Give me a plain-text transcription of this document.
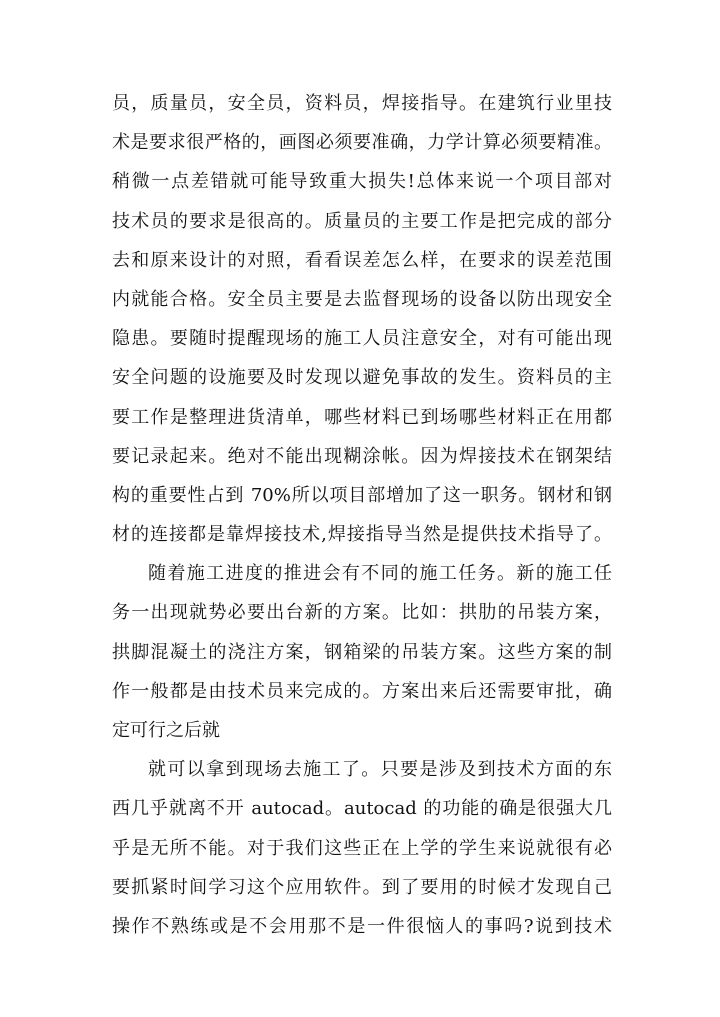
员，质量员，安全员，资料员，焊接指导。在建筑行业里技
术是要求很严格的，画图必须要准确，力学计算必须要精准。
稍微一点差错就可能导致重大损失!总体来说一个项目部对
技术员的要求是很高的。质量员的主要工作是把完成的部分
去和原来设计的对照，看看误差怎么样，在要求的误差范围
内就能合格。安全员主要是去监督现场的设备以防出现安全
隐患。要随时提醒现场的施工人员注意安全，对有可能出现
安全问题的设施要及时发现以避免事故的发生。资料员的主
要工作是整理进货清单，哪些材料已到场哪些材料正在用都
要记录起来。绝对不能出现糊涂帐。因为焊接技术在钢架结
构的重要性占到 70%所以项目部增加了这一职务。钢材和钢
材的连接都是靠焊接技术,焊接指导当然是提供技术指导了。
随着施工进度的推进会有不同的施工任务。新的施工任
务一出现就势必要出台新的方案。比如：拱肋的吊装方案，
拱脚混凝土的浇注方案，钢箱梁的吊装方案。这些方案的制
作一般都是由技术员来完成的。方案出来后还需要审批，确
定可行之后就
就可以拿到现场去施工了。只要是涉及到技术方面的东
西几乎就离不开 autocad。autocad 的功能的确是很强大几
乎是无所不能。对于我们这些正在上学的学生来说就很有必
要抓紧时间学习这个应用软件。到了要用的时候才发现自己
操作不熟练或是不会用那不是一件很恼人的事吗?说到技术
